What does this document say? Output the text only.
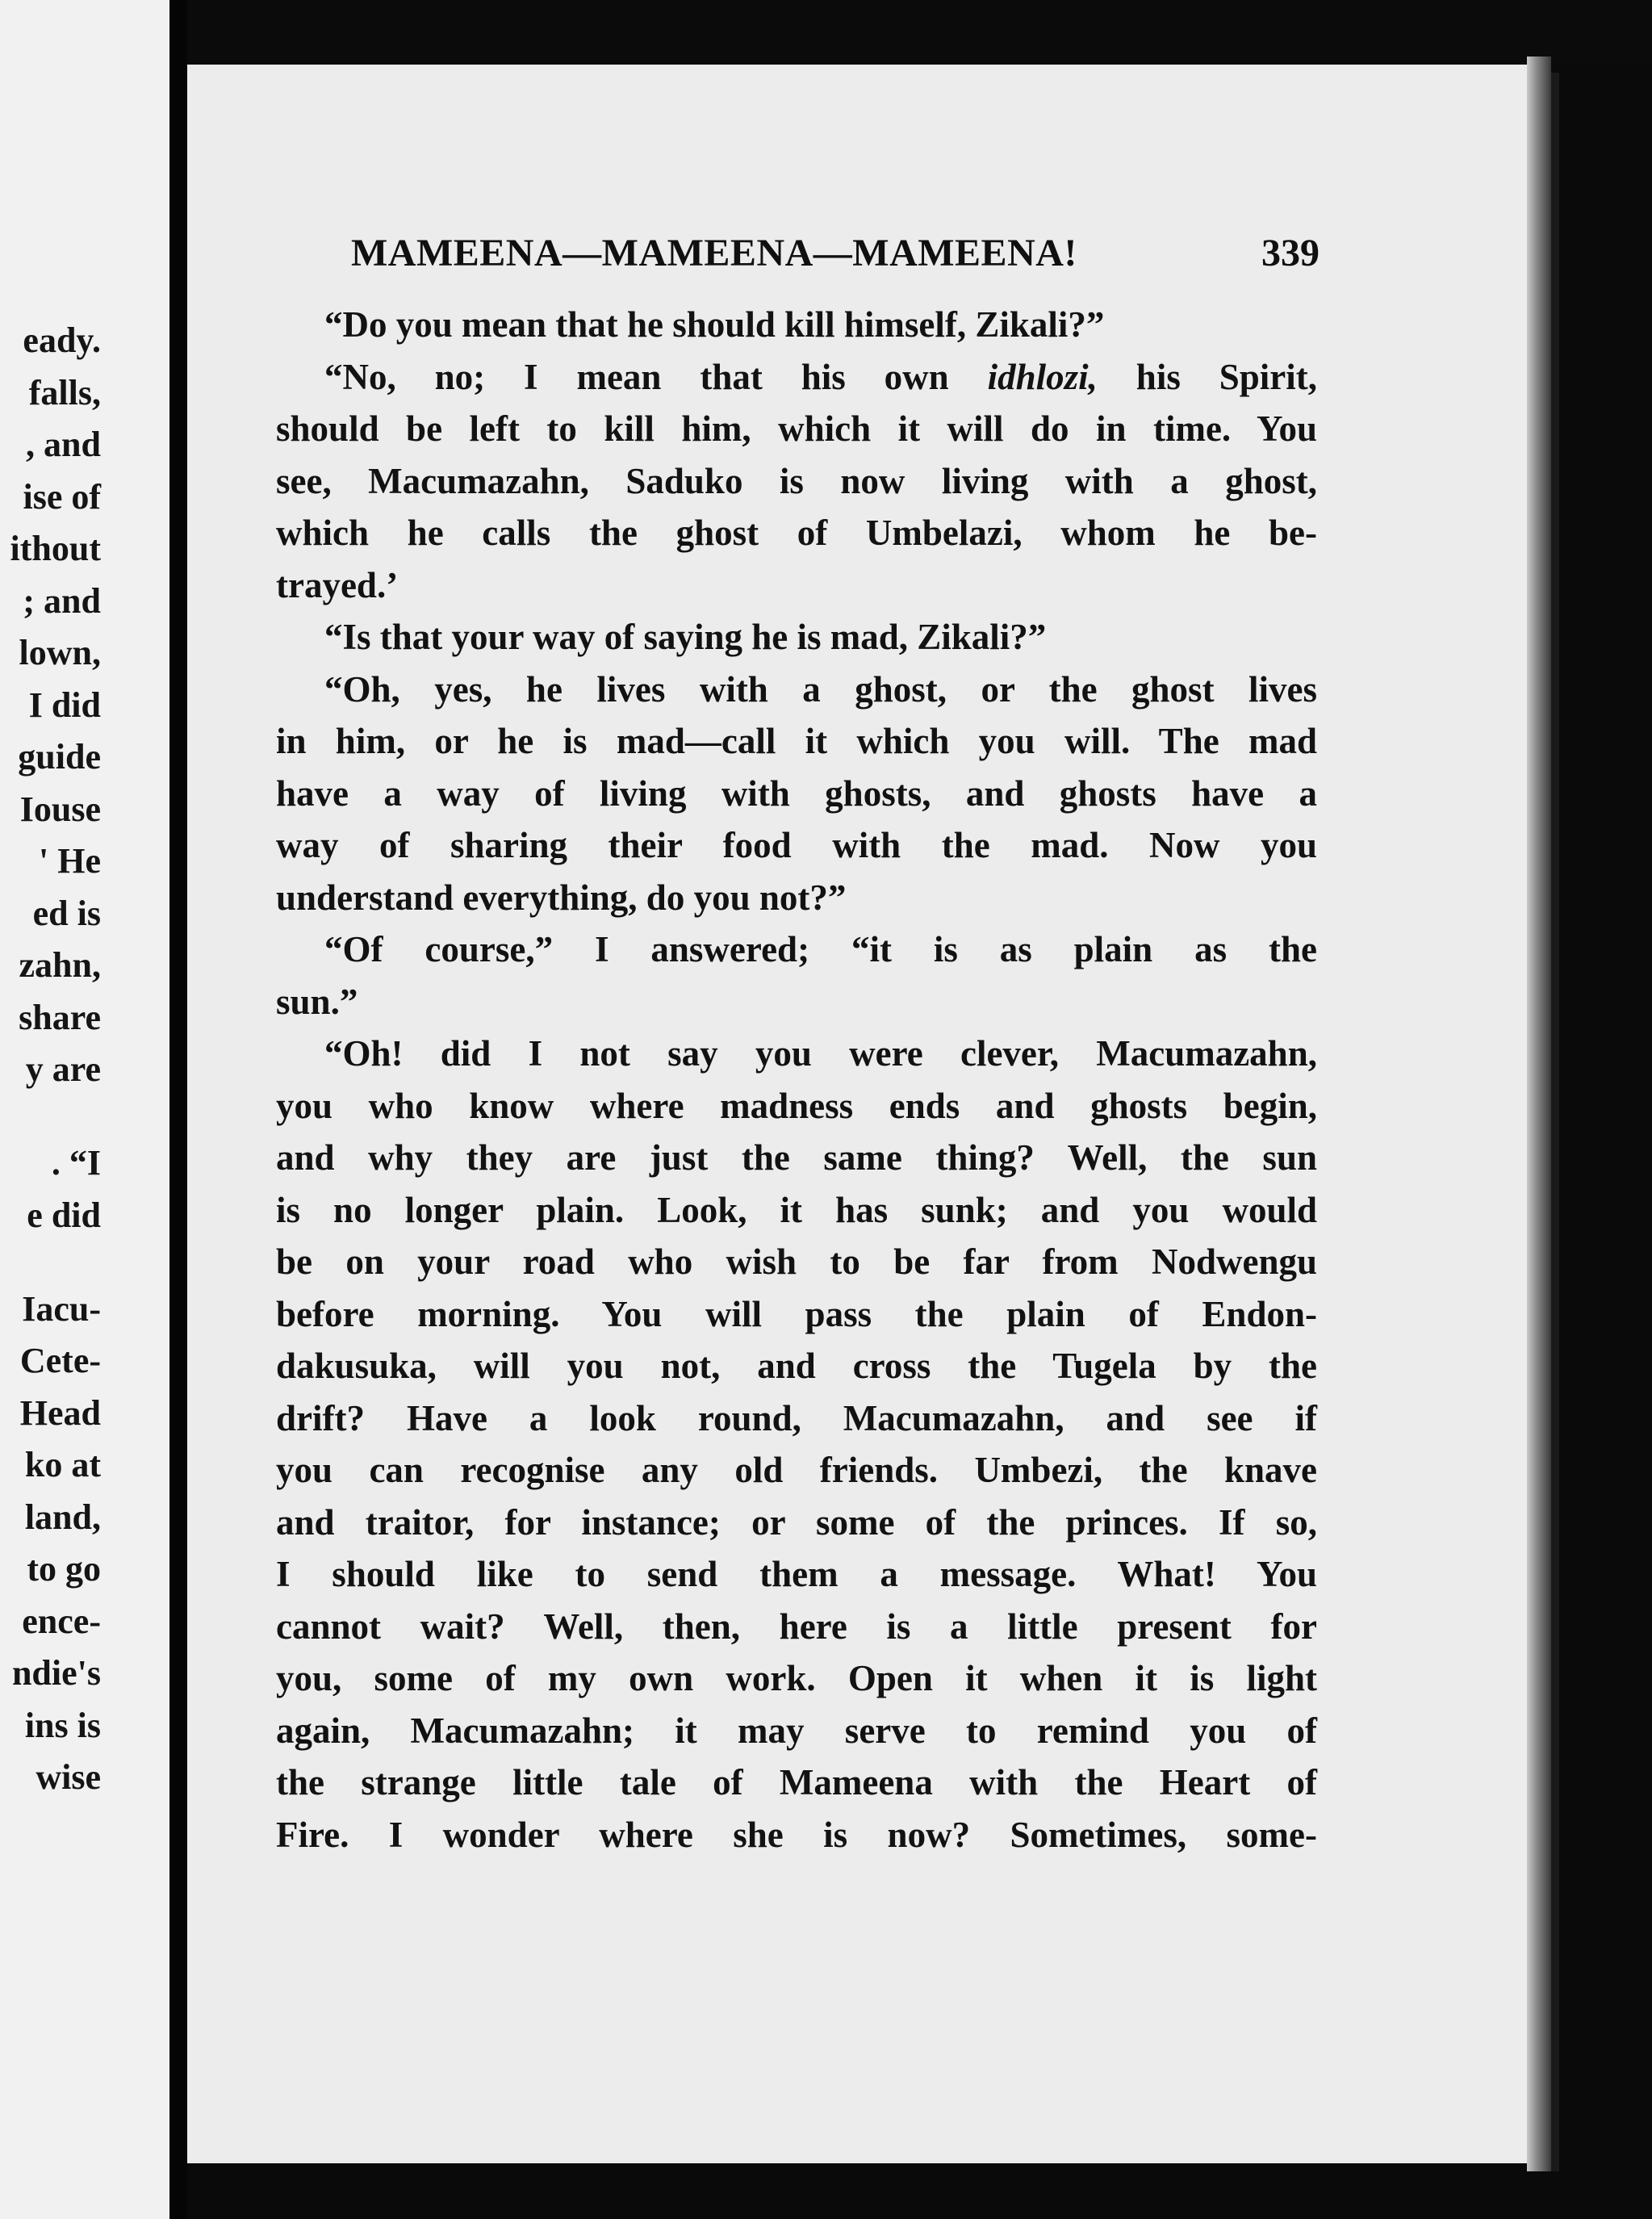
eady.
falls,
, and
ise of
ithout
; and
lown,
I did
guide
Iouse
' He
ed is
zahn,
share
y are
. “I
e did
Iacu-
Cete-
Head
ko at
land,
to go
ence-
ndie's
ins is
wise
MAMEENA—MAMEENA—MAMEENA!	339
“Do you mean that he should kill himself, Zikali?”
“No, no; I mean that his own idhlozi, his Spirit,
should be left to kill him, which it will do in time. You
see, Macumazahn, Saduko is now living with a ghost,
which he calls the ghost of Umbelazi, whom he be-
trayed.’
“Is that your way of saying he is mad, Zikali?”
“Oh, yes, he lives with a ghost, or the ghost lives
in him, or he is mad—call it which you will. The mad
have a way of living with ghosts, and ghosts have a
way of sharing their food with the mad. Now you
understand everything, do you not?”
“Of course,” I answered; “it is as plain as the
sun.”
“Oh! did I not say you were clever, Macumazahn,
you who know where madness ends and ghosts begin,
and why they are just the same thing? Well, the sun
is no longer plain. Look, it has sunk; and you would
be on your road who wish to be far from Nodwengu
before morning. You will pass the plain of Endon-
dakusuka, will you not, and cross the Tugela by the
drift? Have a look round, Macumazahn, and see if
you can recognise any old friends. Umbezi, the knave
and traitor, for instance; or some of the princes. If so,
I should like to send them a message. What! You
cannot wait? Well, then, here is a little present for
you, some of my own work. Open it when it is light
again, Macumazahn; it may serve to remind you of
the strange little tale of Mameena with the Heart of
Fire. I wonder where she is now? Sometimes, some-
